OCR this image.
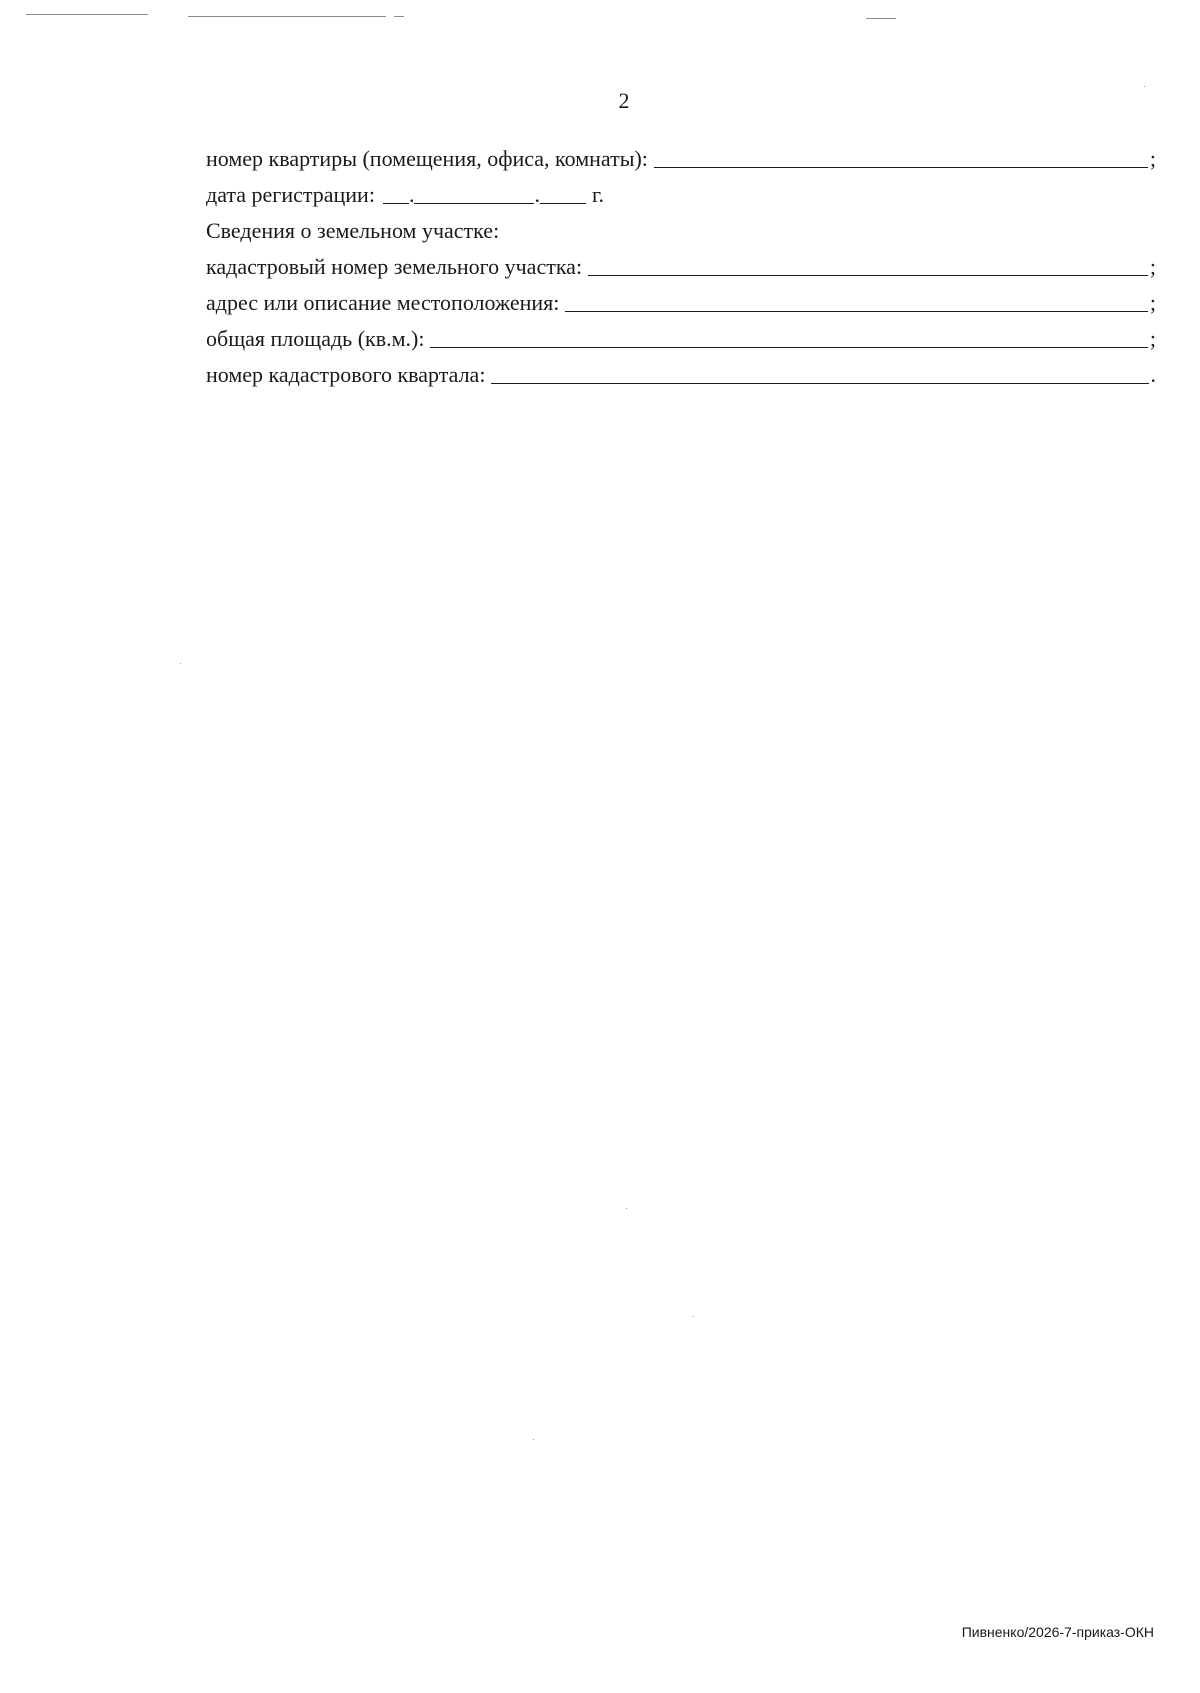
2
номер квартиры (помещения, офиса, комнаты):	;
дата регистрации: .	. г.
Сведения о земельном участке:
кадастровый номер земельного участка:	;
адрес или описание местоположения:	;
общая площадь (кв.м.):	;
номер кадастрового квартала:	.
Пивненко/2026-7-приказ-ОКН
